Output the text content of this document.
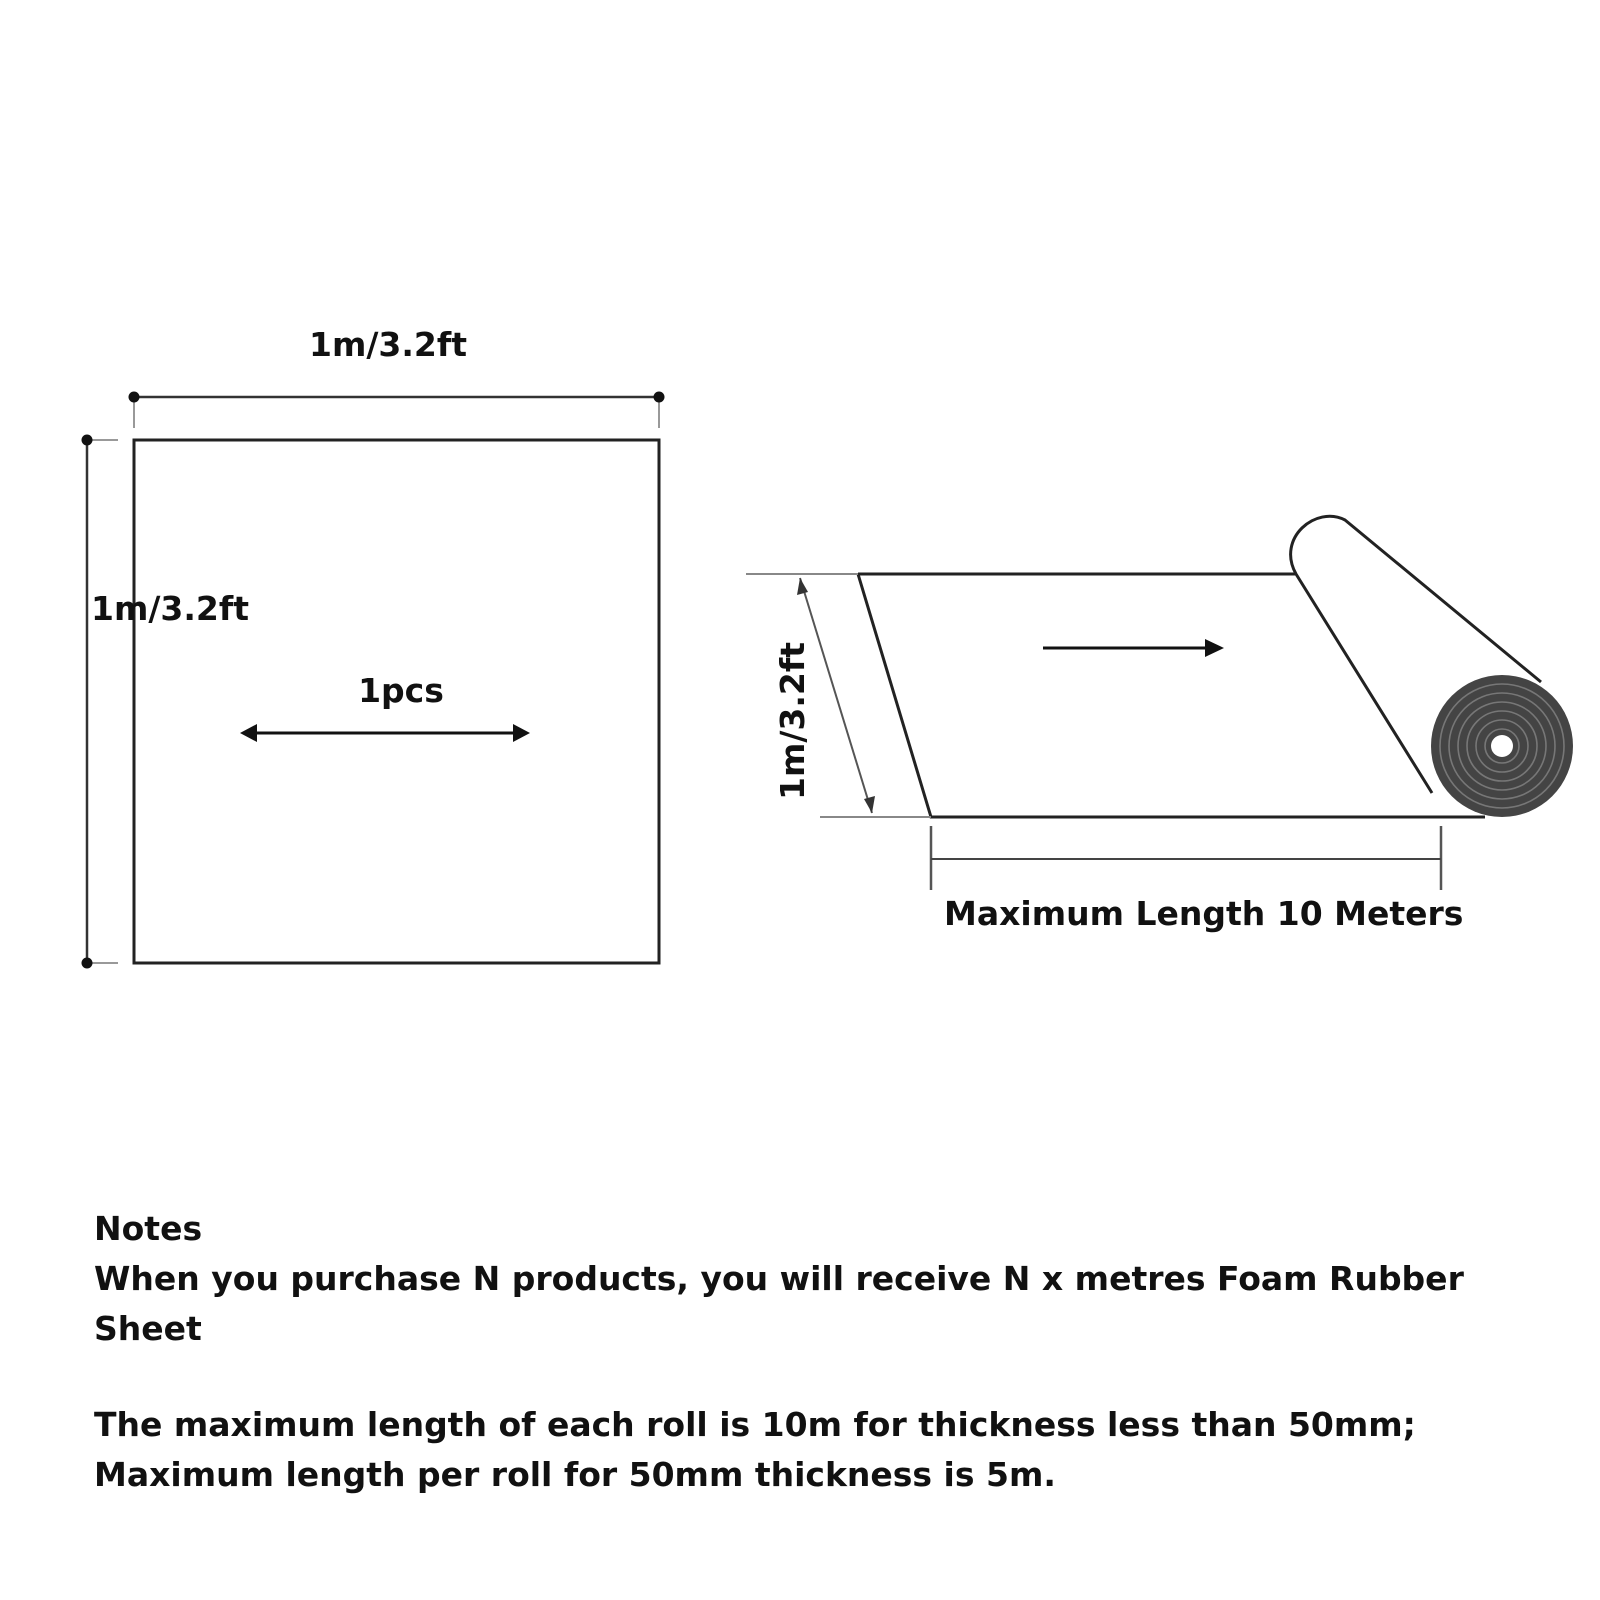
1m/3.2ft
1m/3.2ft
1pcs	1m/3.2ft
Maximum Length 10 Meters

Notes

When you purchase N products, you will receive N x metres Foam Rubber Sheet

The maximum length of each roll is 10m for thickness less than 50mm; Maximum length per roll for 50mm thickness is 5m.
